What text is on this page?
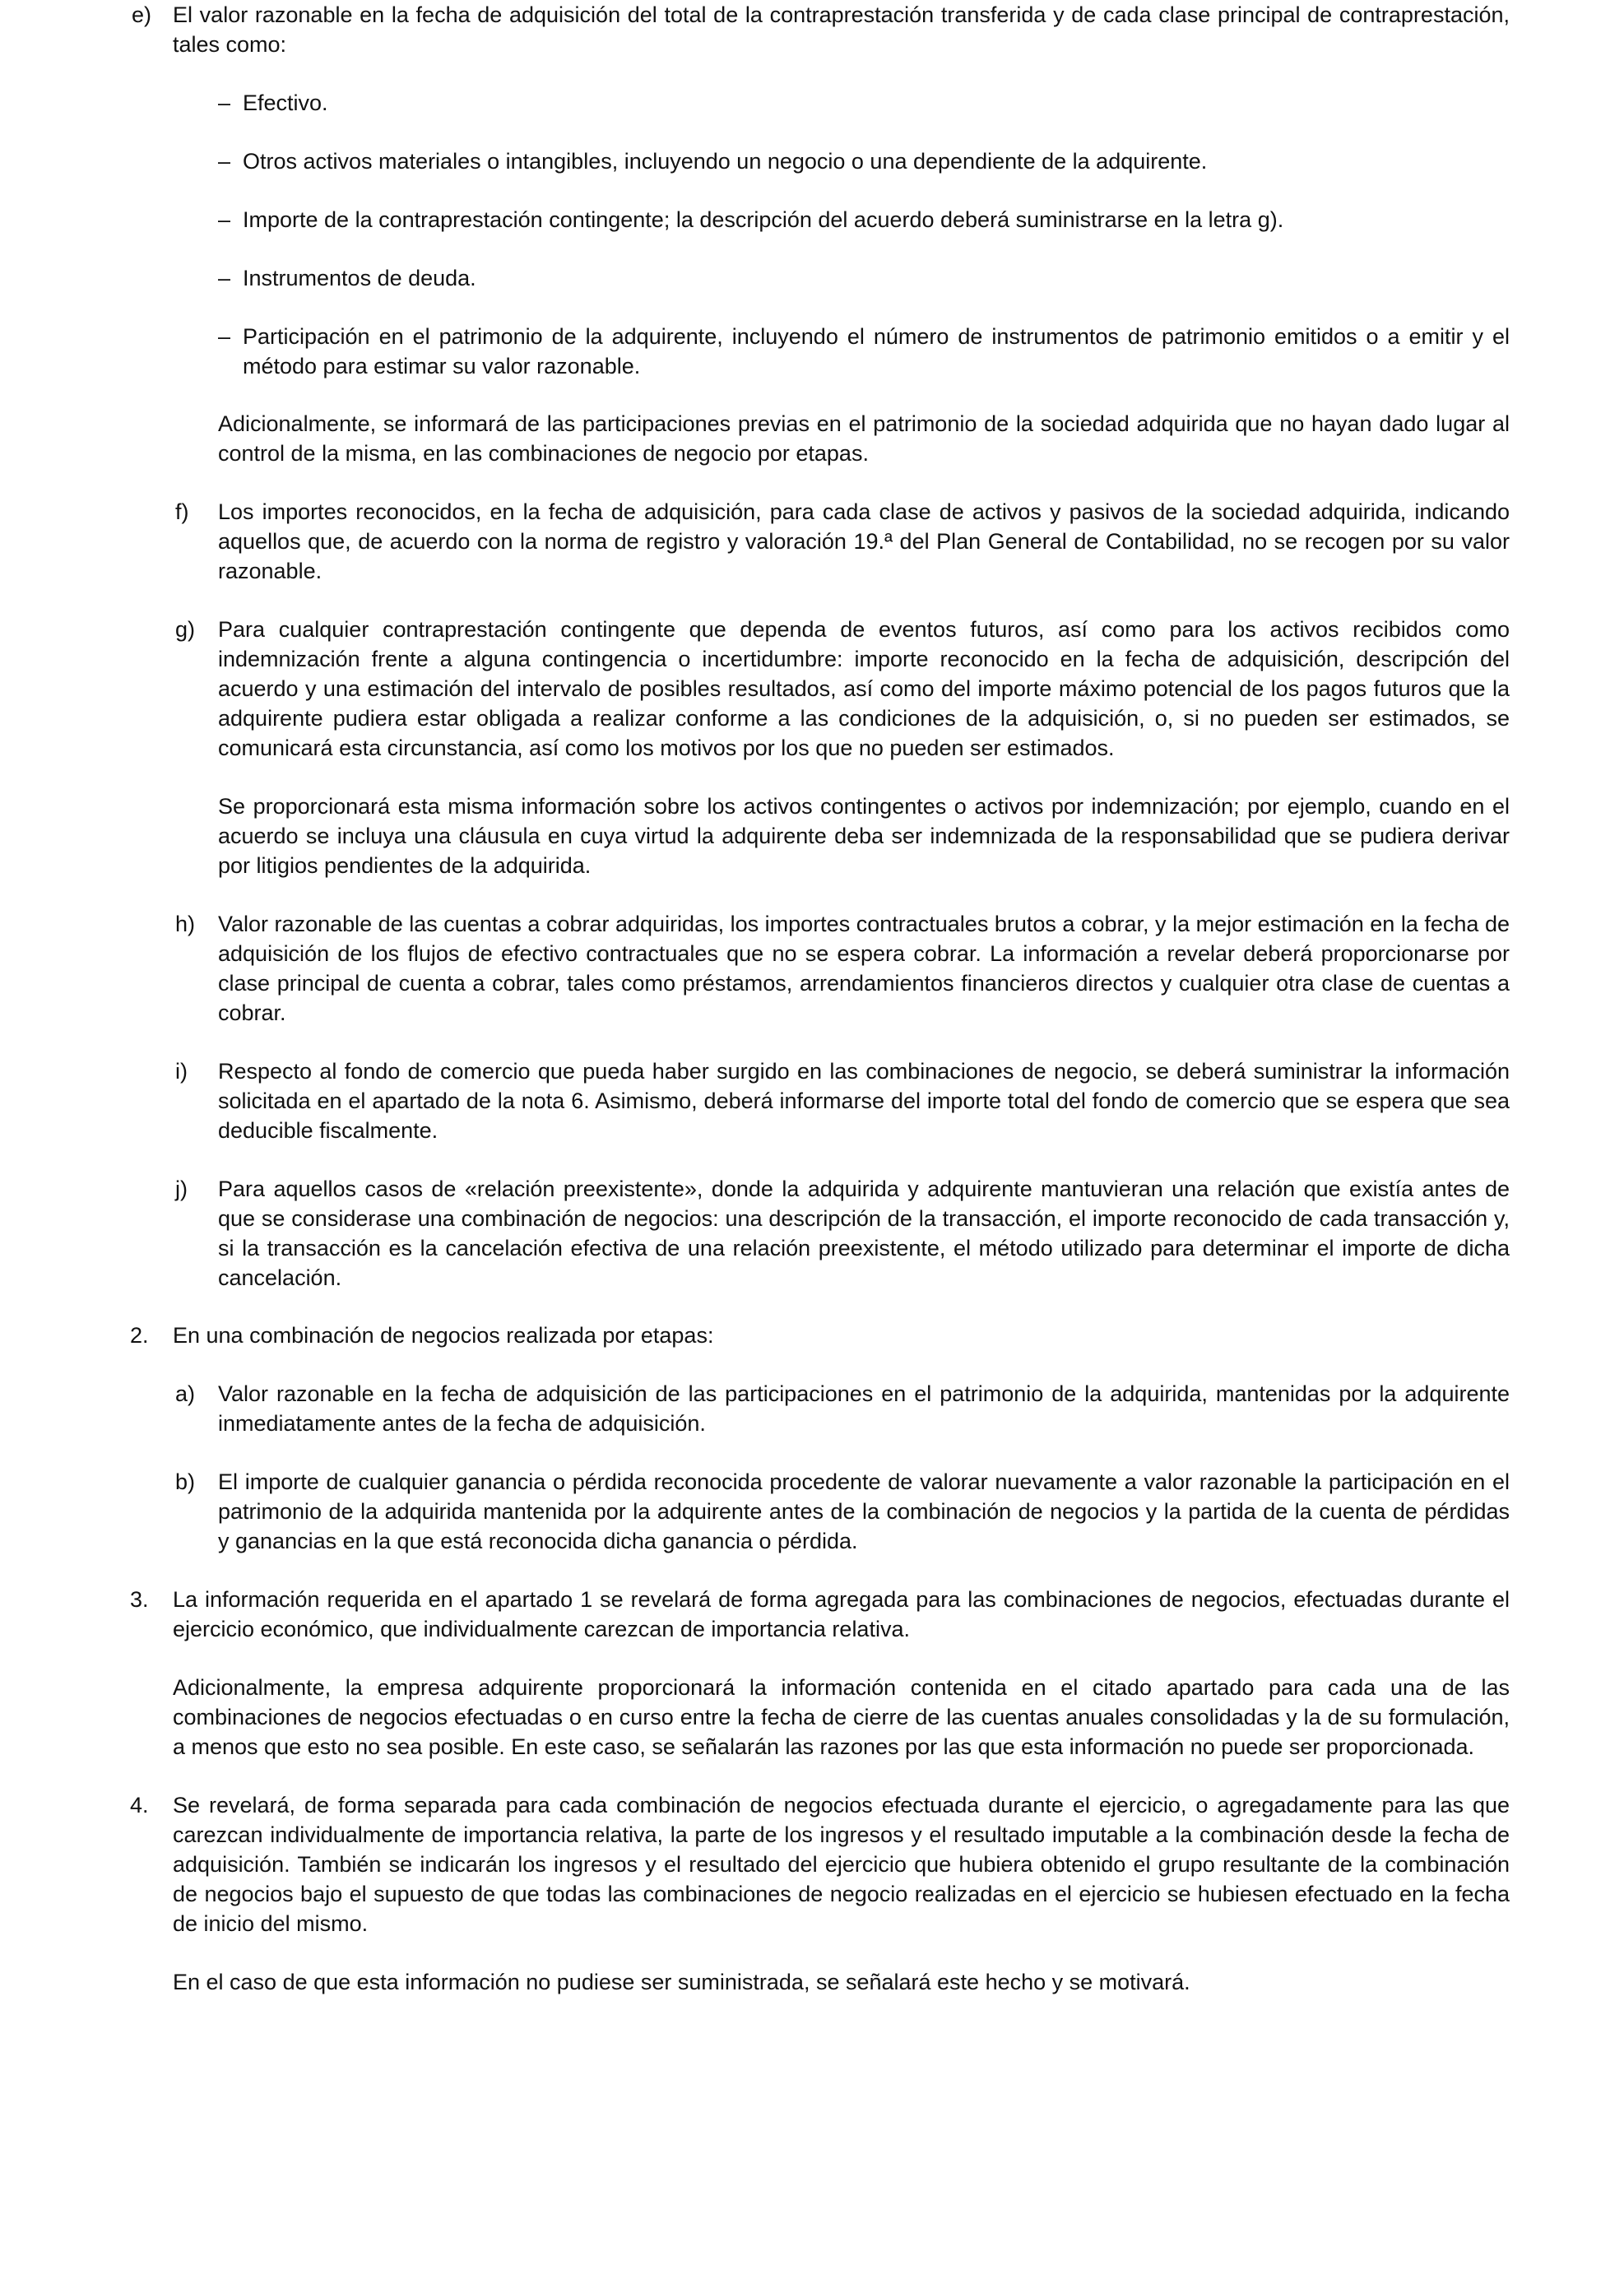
e) El valor razonable en la fecha de adquisición del total de la contraprestación transferida y de cada clase principal de contraprestación, tales como:
– Efectivo.
– Otros activos materiales o intangibles, incluyendo un negocio o una dependiente de la adquirente.
– Importe de la contraprestación contingente; la descripción del acuerdo deberá suministrarse en la letra g).
– Instrumentos de deuda.
– Participación en el patrimonio de la adquirente, incluyendo el número de instrumentos de patrimonio emitidos o a emitir y el método para estimar su valor razonable.
Adicionalmente, se informará de las participaciones previas en el patrimonio de la sociedad adquirida que no hayan dado lugar al control de la misma, en las combinaciones de negocio por etapas.
f) Los importes reconocidos, en la fecha de adquisición, para cada clase de activos y pasivos de la sociedad adquirida, indicando aquellos que, de acuerdo con la norma de registro y valoración 19.ª del Plan General de Contabilidad, no se recogen por su valor razonable.
g) Para cualquier contraprestación contingente que dependa de eventos futuros, así como para los activos recibidos como indemnización frente a alguna contingencia o incertidumbre: importe reconocido en la fecha de adquisición, descripción del acuerdo y una estimación del intervalo de posibles resultados, así como del importe máximo potencial de los pagos futuros que la adquirente pudiera estar obligada a realizar conforme a las condiciones de la adquisición, o, si no pueden ser estimados, se comunicará esta circunstancia, así como los motivos por los que no pueden ser estimados.
Se proporcionará esta misma información sobre los activos contingentes o activos por indemnización; por ejemplo, cuando en el acuerdo se incluya una cláusula en cuya virtud la adquirente deba ser indemnizada de la responsabilidad que se pudiera derivar por litigios pendientes de la adquirida.
h) Valor razonable de las cuentas a cobrar adquiridas, los importes contractuales brutos a cobrar, y la mejor estimación en la fecha de adquisición de los flujos de efectivo contractuales que no se espera cobrar. La información a revelar deberá proporcionarse por clase principal de cuenta a cobrar, tales como préstamos, arrendamientos financieros directos y cualquier otra clase de cuentas a cobrar.
i) Respecto al fondo de comercio que pueda haber surgido en las combinaciones de negocio, se deberá suministrar la información solicitada en el apartado de la nota 6. Asimismo, deberá informarse del importe total del fondo de comercio que se espera que sea deducible fiscalmente.
j) Para aquellos casos de «relación preexistente», donde la adquirida y adquirente mantuvieran una relación que existía antes de que se considerase una combinación de negocios: una descripción de la transacción, el importe reconocido de cada transacción y, si la transacción es la cancelación efectiva de una relación preexistente, el método utilizado para determinar el importe de dicha cancelación.
2. En una combinación de negocios realizada por etapas:
a) Valor razonable en la fecha de adquisición de las participaciones en el patrimonio de la adquirida, mantenidas por la adquirente inmediatamente antes de la fecha de adquisición.
b) El importe de cualquier ganancia o pérdida reconocida procedente de valorar nuevamente a valor razonable la participación en el patrimonio de la adquirida mantenida por la adquirente antes de la combinación de negocios y la partida de la cuenta de pérdidas y ganancias en la que está reconocida dicha ganancia o pérdida.
3. La información requerida en el apartado 1 se revelará de forma agregada para las combinaciones de negocios, efectuadas durante el ejercicio económico, que individualmente carezcan de importancia relativa.
Adicionalmente, la empresa adquirente proporcionará la información contenida en el citado apartado para cada una de las combinaciones de negocios efectuadas o en curso entre la fecha de cierre de las cuentas anuales consolidadas y la de su formulación, a menos que esto no sea posible. En este caso, se señalarán las razones por las que esta información no puede ser proporcionada.
4. Se revelará, de forma separada para cada combinación de negocios efectuada durante el ejercicio, o agregadamente para las que carezcan individualmente de importancia relativa, la parte de los ingresos y el resultado imputable a la combinación desde la fecha de adquisición. También se indicarán los ingresos y el resultado del ejercicio que hubiera obtenido el grupo resultante de la combinación de negocios bajo el supuesto de que todas las combinaciones de negocio realizadas en el ejercicio se hubiesen efectuado en la fecha de inicio del mismo.
En el caso de que esta información no pudiese ser suministrada, se señalará este hecho y se motivará.
